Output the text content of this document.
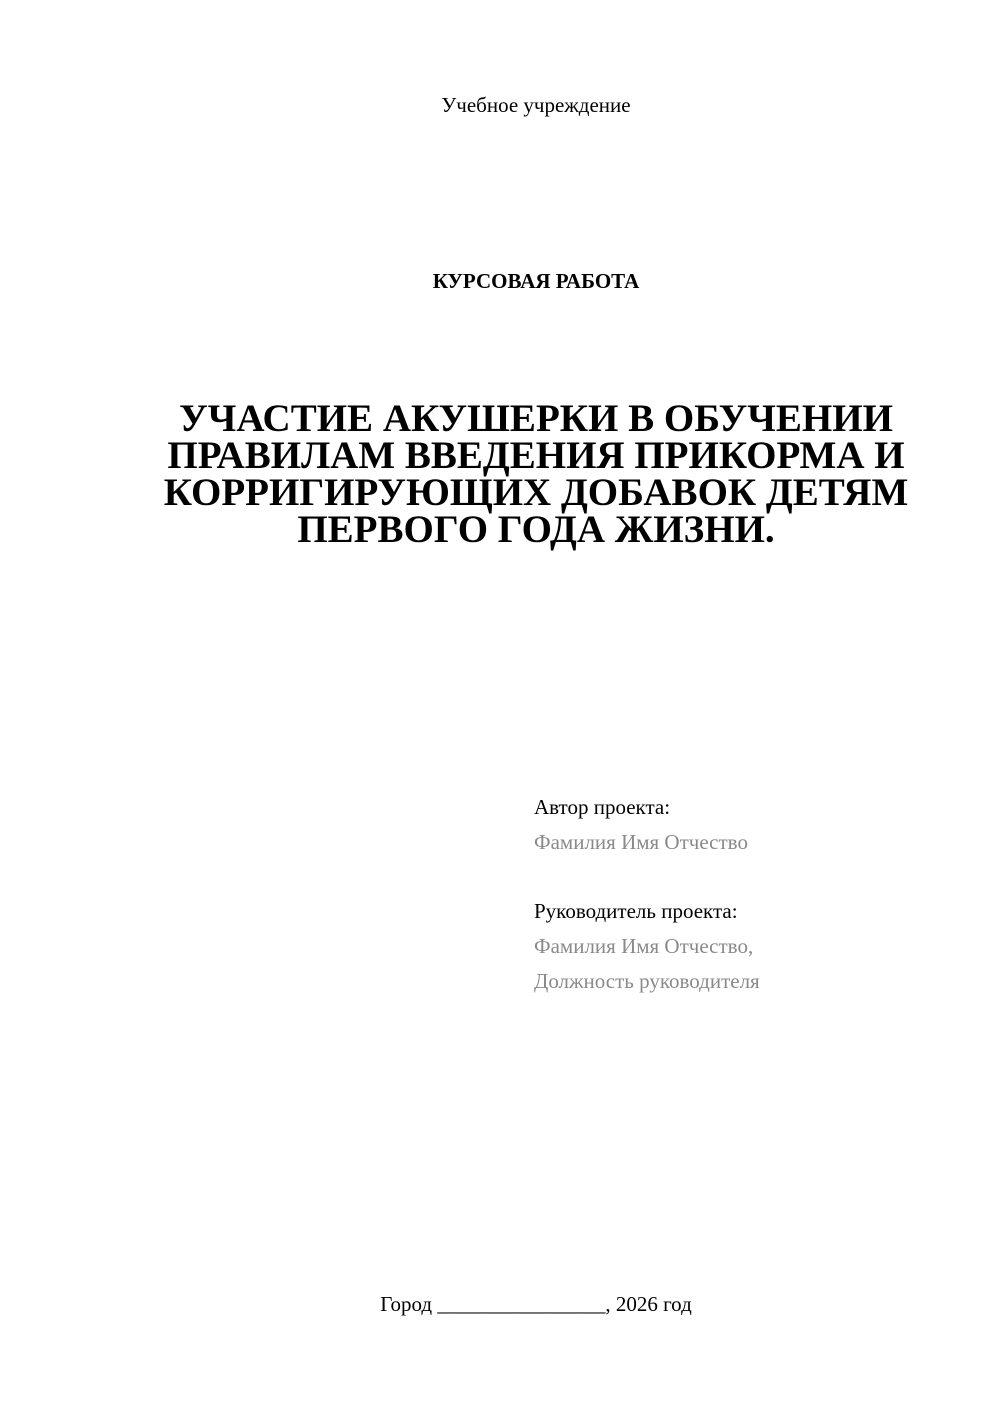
Учебное учреждение
КУРСОВАЯ РАБОТА
УЧАСТИЕ АКУШЕРКИ В ОБУЧЕНИИ
ПРАВИЛАМ ВВЕДЕНИЯ ПРИКОРМА И
КОРРИГИРУЮЩИХ ДОБАВОК ДЕТЯМ
ПЕРВОГО ГОДА ЖИЗНИ.
Автор проекта:
Фамилия Имя Отчество
Руководитель проекта:
Фамилия Имя Отчество,
Должность руководителя
Город ________________, 2026 год
